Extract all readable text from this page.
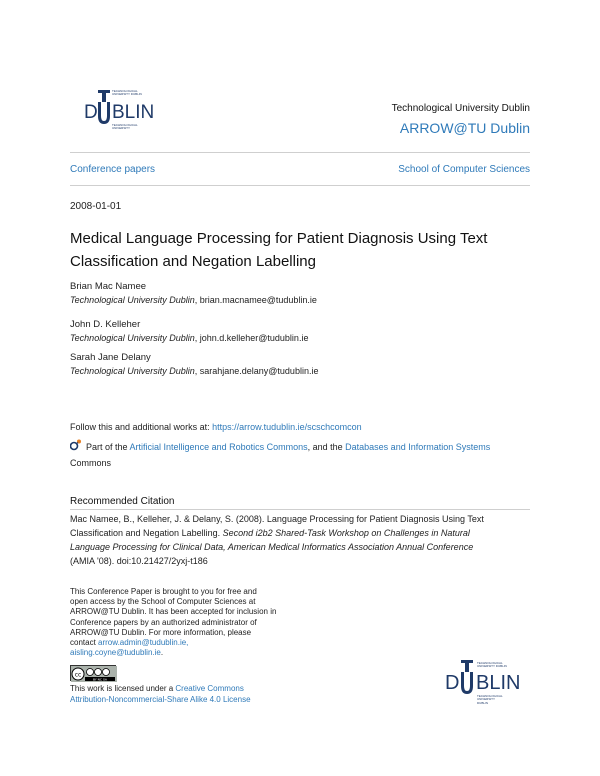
TECHNOLOGICAL
UNIVERSITY DUBLIN
D BLIN
TECHNOLOGICAL
UNIVERSITY
Technological University Dublin
ARROW@TU Dublin
Conference papers	School of Computer Sciences
2008-01-01
Medical Language Processing for Patient Diagnosis Using Text
Classification and Negation Labelling
Brian Mac Namee
Technological University Dublin, brian.macnamee@tudublin.ie
John D. Kelleher
Technological University Dublin, john.d.kelleher@tudublin.ie
Sarah Jane Delany
Technological University Dublin, sarahjane.delany@tudublin.ie
Follow this and additional works at: https://arrow.tudublin.ie/scschcomcon
Part of the Artificial Intelligence and Robotics Commons, and the Databases and Information Systems
Commons
Recommended Citation
Mac Namee, B., Kelleher, J. & Delany, S. (2008). Language Processing for Patient Diagnosis Using Text
Classification and Negation Labelling. Second i2b2 Shared-Task Workshop on Challenges in Natural
Language Processing for Clinical Data, American Medical Informatics Association Annual Conference
(AMIA '08). doi:10.21427/2yxj-t186
This Conference Paper is brought to you for free and
open access by the School of Computer Sciences at
ARROW@TU Dublin. It has been accepted for inclusion in
Conference papers by an authorized administrator of
ARROW@TU Dublin. For more information, please
contact arrow.admin@tudublin.ie,
aisling.coyne@tudublin.ie.
cc
BY NC SA
This work is licensed under a Creative Commons
Attribution-Noncommercial-Share Alike 4.0 License
TECHNOLOGICAL
UNIVERSITY DUBLIN
D BLIN
TECHNOLOGICAL
UNIVERSITY
DUBLIN
